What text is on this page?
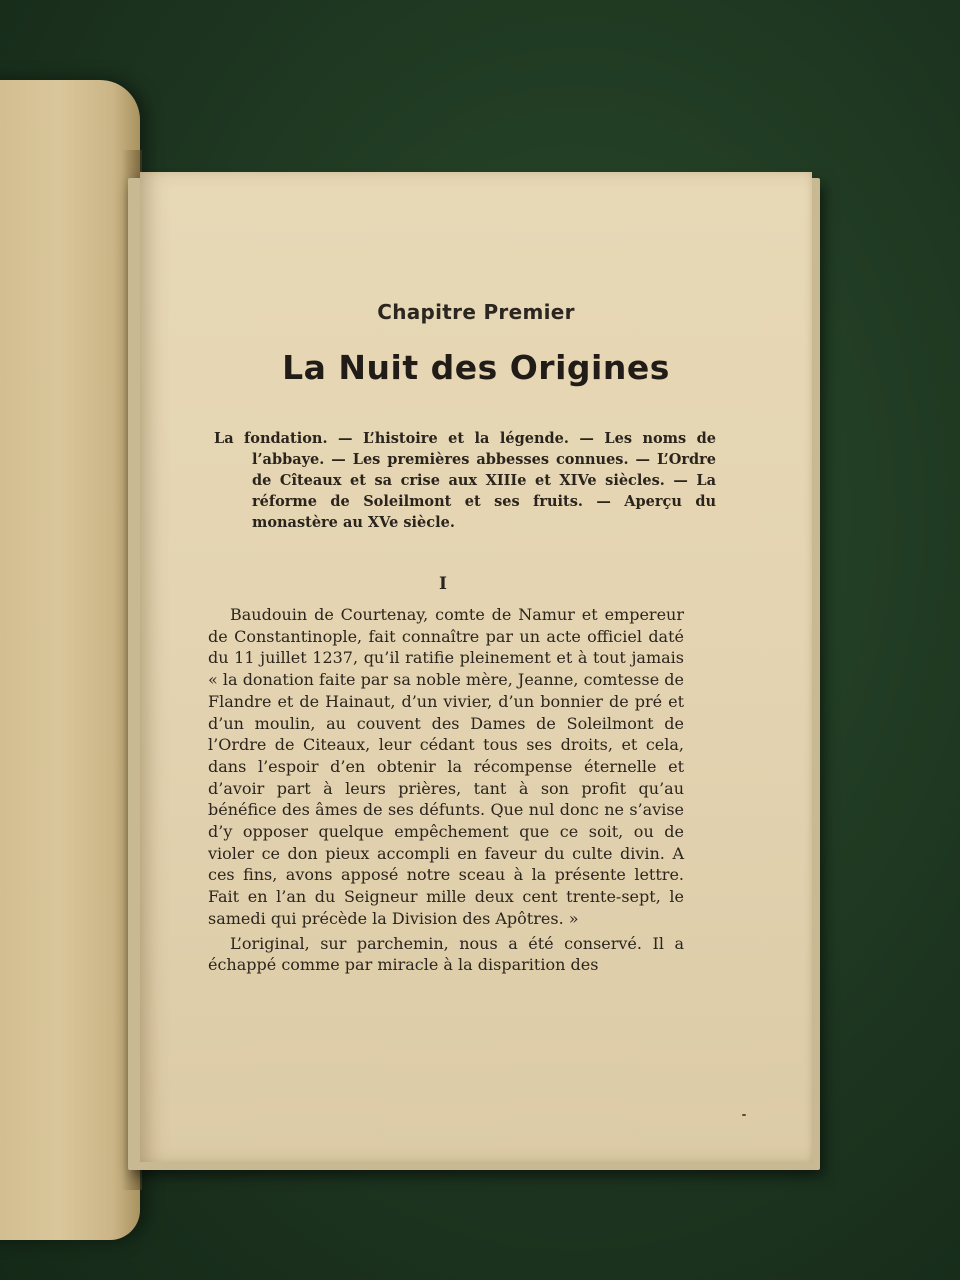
Chapitre Premier
La Nuit des Origines
La fondation. — L’histoire et la légende. — Les noms de l’abbaye. — Les premières abbesses connues. — L’Ordre de Cîteaux et sa crise aux XIIIe et XIVe siècles. — La réforme de Soleilmont et ses fruits. — Aperçu du monastère au XVe siècle.
I

Baudouin de Courtenay, comte de Namur et empereur de Constantinople, fait connaître par un acte officiel daté du 11 juillet 1237, qu’il ratifie pleinement et à tout jamais « la donation faite par sa noble mère, Jeanne, comtesse de Flandre et de Hainaut, d’un vivier, d’un bonnier de pré et d’un moulin, au couvent des Dames de Soleilmont de l’Ordre de Citeaux, leur cédant tous ses droits, et cela, dans l’espoir d’en obtenir la récompense éternelle et d’avoir part à leurs prières, tant à son profit qu’au bénéfice des âmes de ses défunts. Que nul donc ne s’avise d’y opposer quelque empêchement que ce soit, ou de violer ce don pieux accompli en faveur du culte divin. A ces fins, avons apposé notre sceau à la présente lettre. Fait en l’an du Seigneur mille deux cent trente-sept, le samedi qui précède la Division des Apôtres. »

L’original, sur parchemin, nous a été conservé. Il a échappé comme par miracle à la disparition des
